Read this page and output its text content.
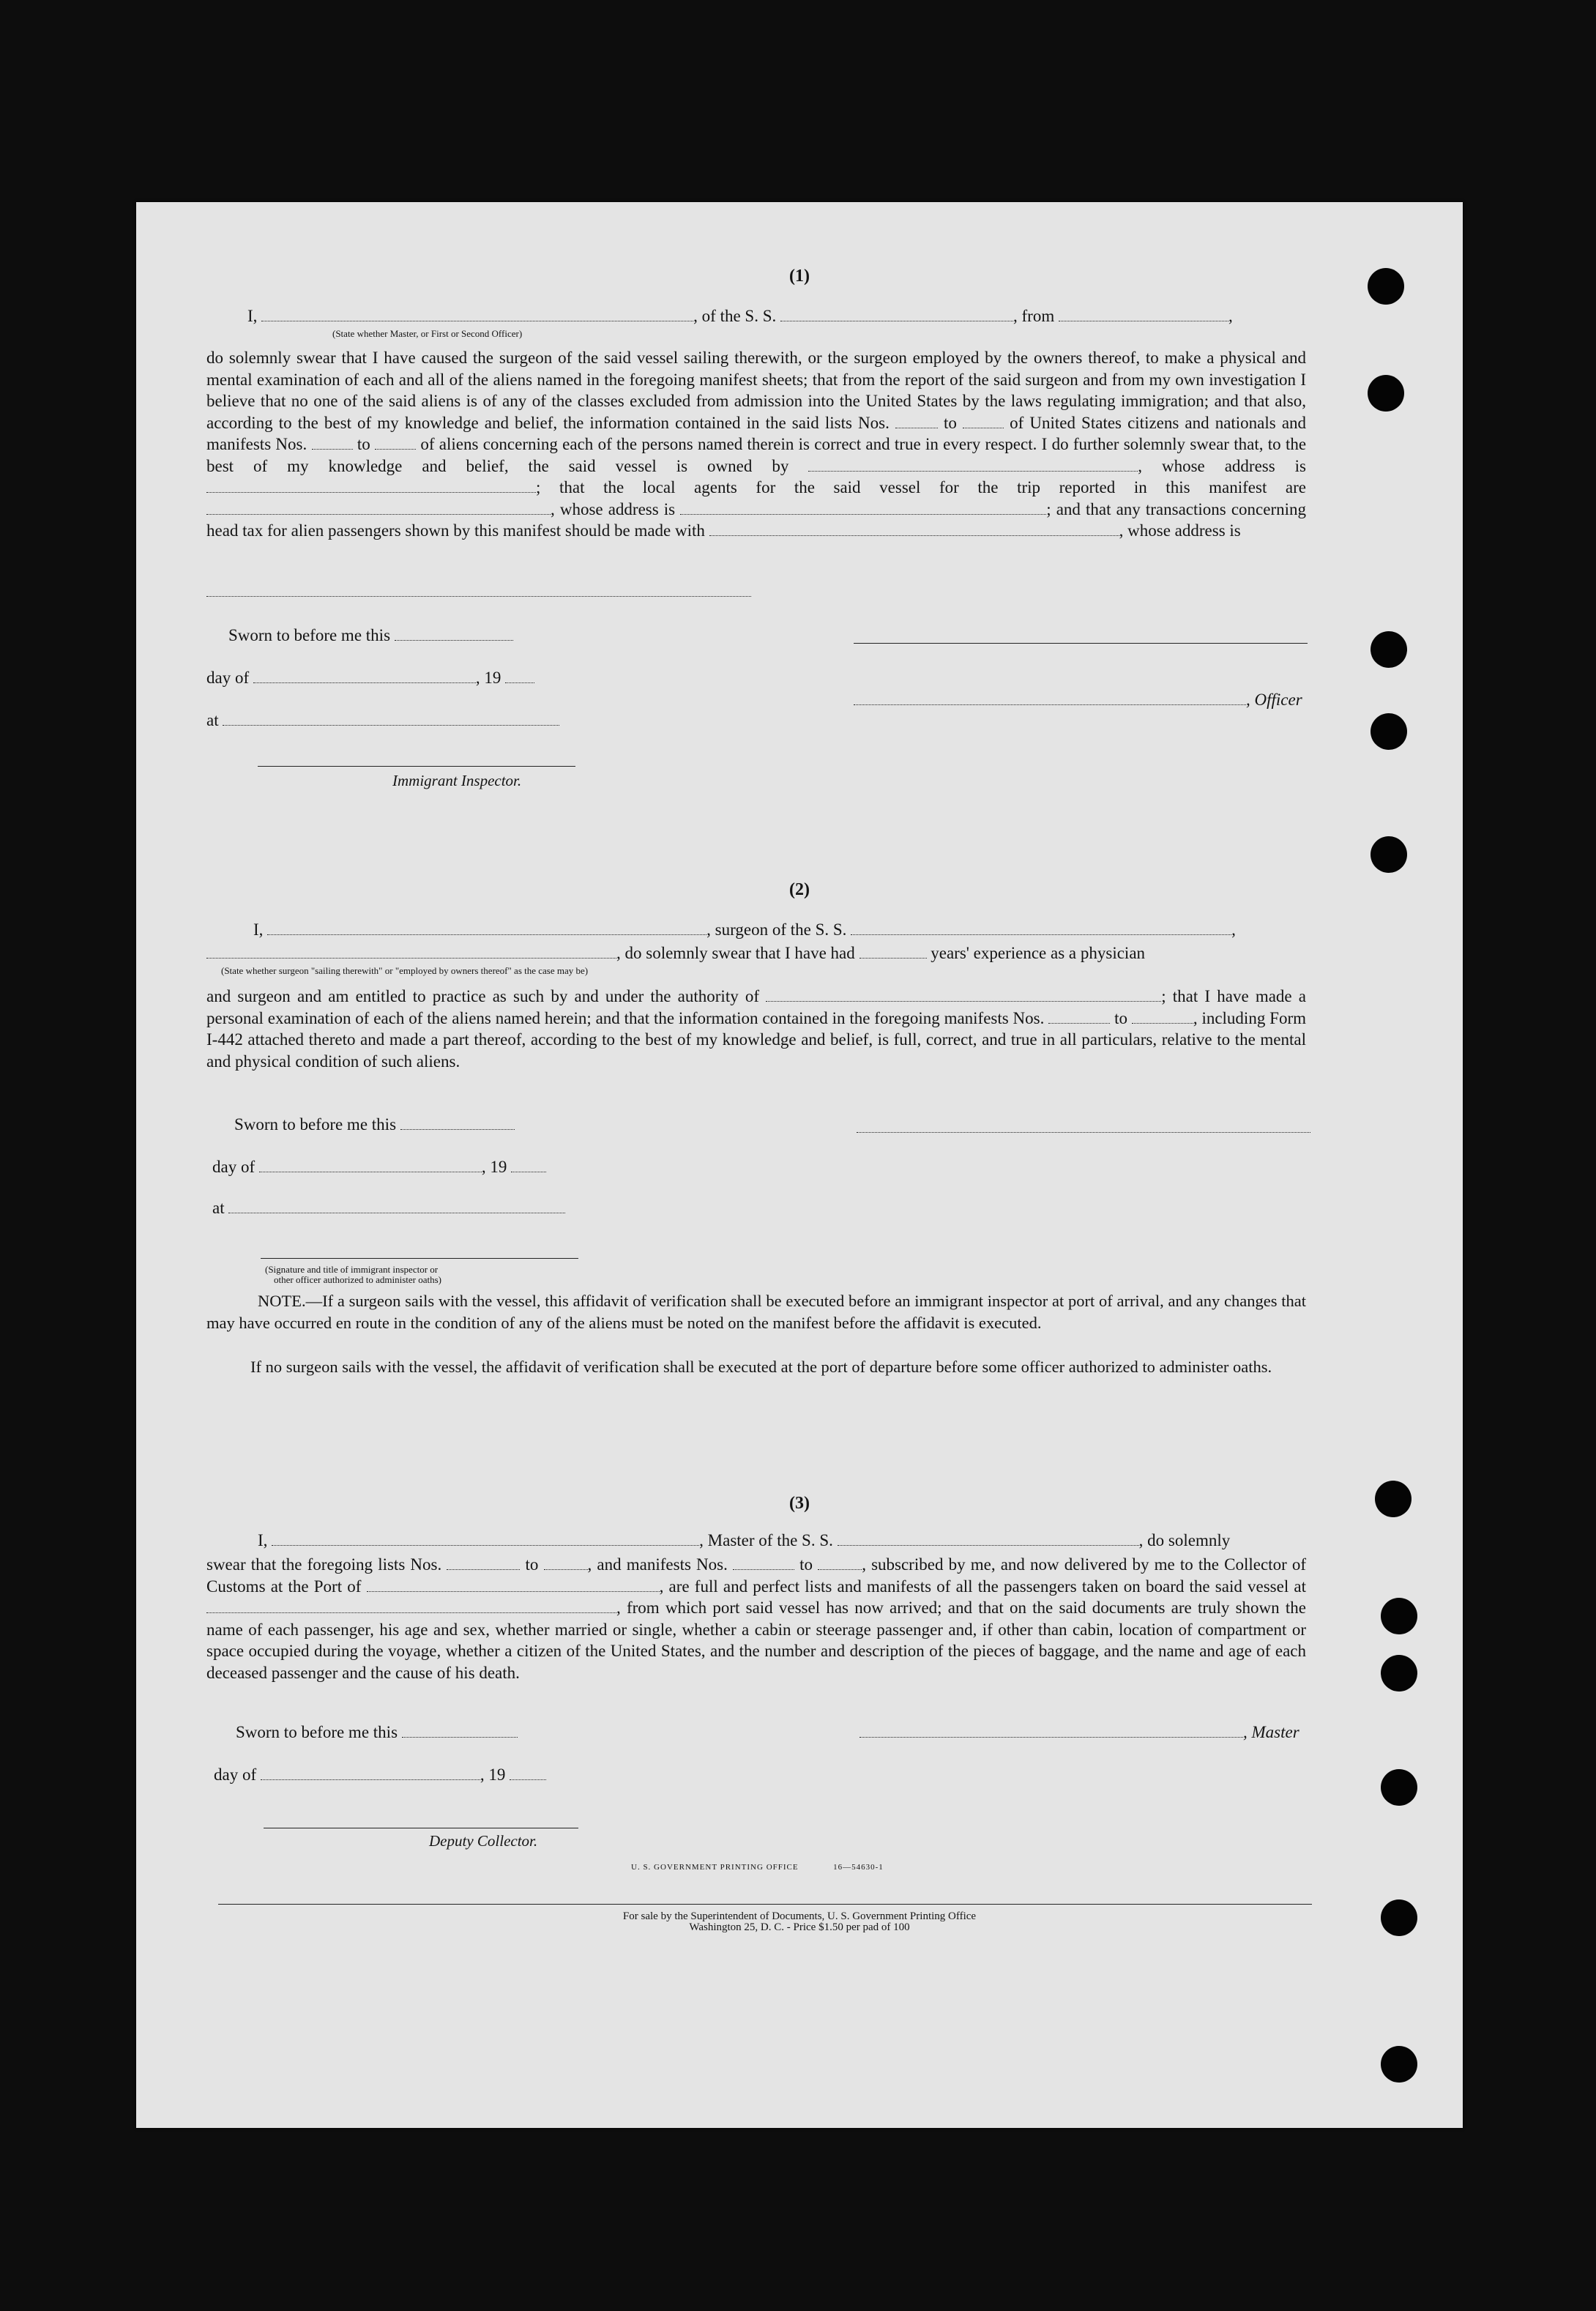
(1)
I,	, of the S. S.	, from	,
(State whether Master, or First or Second Officer)
do solemnly swear that I have caused the surgeon of the said vessel sailing therewith, or the surgeon employed by the owners thereof, to make a physical and mental examination of each and all of the aliens named in the foregoing manifest sheets; that from the report of the said surgeon and from my own investigation I believe that no one of the said aliens is of any of the classes excluded from admission into the United States by the laws regulating immigration; and that also, according to the best of my knowledge and belief, the information contained in the said lists Nos.	to	of United States citizens and nationals and manifests Nos.	to	of aliens concerning each of the persons named therein is correct and true in every respect. I do further solemnly swear that, to the best of my knowledge and belief, the said vessel is owned by	, whose address is ; that the local agents for the said vessel for the trip reported in this manifest are , whose address is	; and that any transactions concerning head tax for alien passengers shown by this manifest should be made with	, whose address is
Sworn to before me this
day of	, 19
, Officer
at
Immigrant Inspector.
(2)
I,	, surgeon of the S. S.	,
, do solemnly swear that I have had	years' experience as a physician
(State whether surgeon "sailing therewith" or "employed by owners thereof" as the case may be)
and surgeon and am entitled to practice as such by and under the authority of	; that I have made a personal examination of each of the aliens named herein; and that the information contained in the foregoing manifests Nos.	to	, including Form I-442 attached thereto and made a part thereof, according to the best of my knowledge and belief, is full, correct, and true in all particulars, relative to the mental and physical condition of such aliens.
Sworn to before me this
day of	, 19
at
(Signature and title of immigrant inspector or
other officer authorized to administer oaths)
NOTE.—If a surgeon sails with the vessel, this affidavit of verification shall be executed before an immigrant inspector at port of arrival, and any changes that may have occurred en route in the condition of any of the aliens must be noted on the manifest before the affidavit is executed.
If no surgeon sails with the vessel, the affidavit of verification shall be executed at the port of departure before some officer authorized to administer oaths.
(3)
I,	, Master of the S. S.	, do solemnly
swear that the foregoing lists Nos.	to	, and manifests Nos.	to	, subscribed by me, and now delivered by me to the Collector of Customs at the Port of	, are full and perfect lists and manifests of all the passengers taken on board the said vessel at , from which port said vessel has now arrived; and that on the said documents are truly shown the name of each passenger, his age and sex, whether married or single, whether a cabin or steerage passenger and, if other than cabin, location of compartment or space occupied during the voyage, whether a citizen of the United States, and the number and description of the pieces of baggage, and the name and age of each deceased passenger and the cause of his death.
Sworn to before me this	, Master
day of	, 19
Deputy Collector.
U. S. GOVERNMENT PRINTING OFFICE	16—54630-1
For sale by the Superintendent of Documents, U. S. Government Printing Office
Washington 25, D. C. - Price $1.50 per pad of 100
